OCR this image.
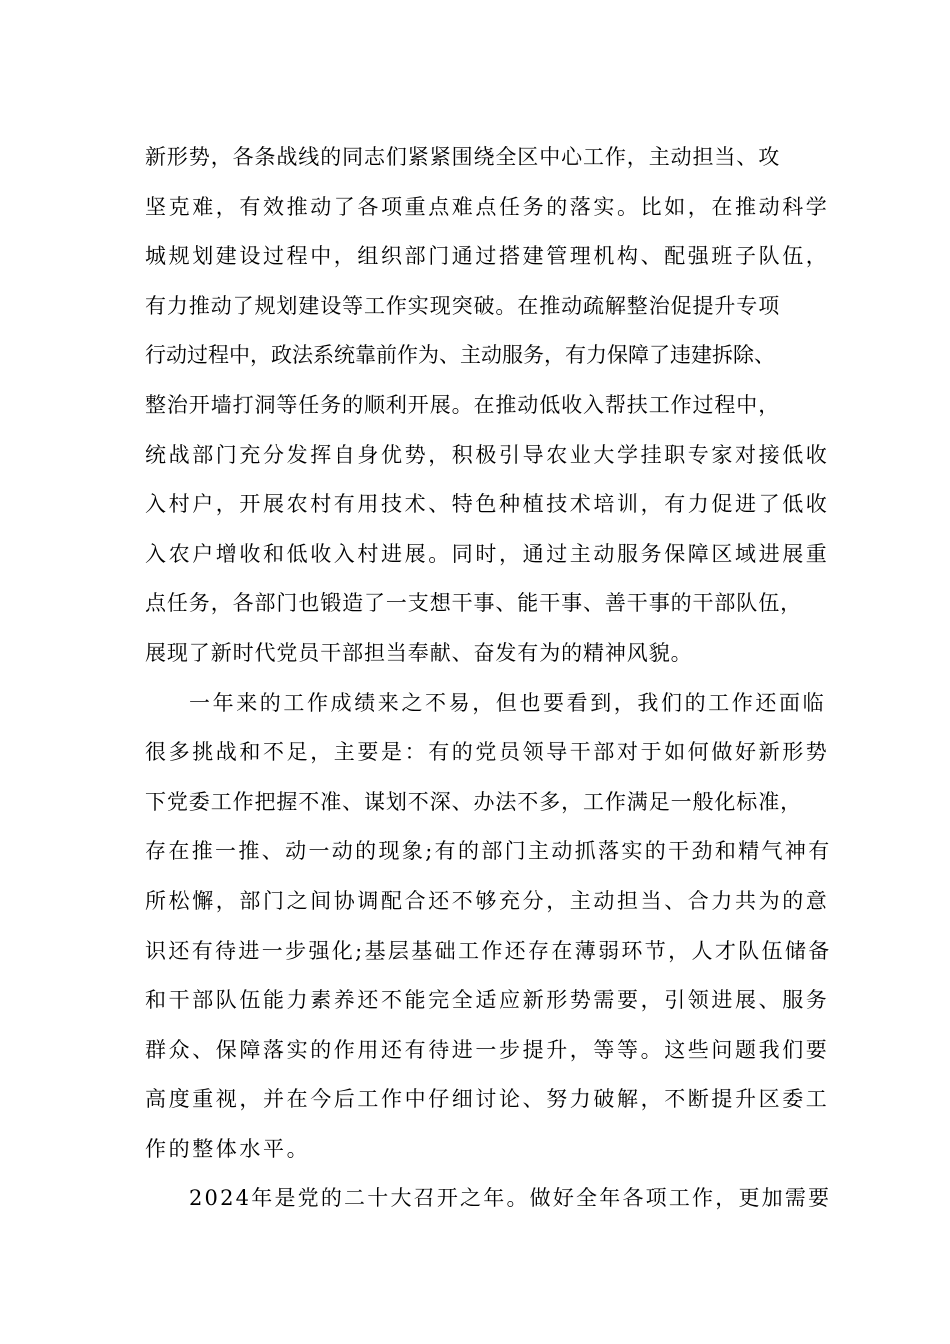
新形势，各条战线的同志们紧紧围绕全区中心工作，主动担当、攻
坚克难，有效推动了各项重点难点任务的落实。比如，在推动科学
城规划建设过程中，组织部门通过搭建管理机构、配强班子队伍，
有力推动了规划建设等工作实现突破。在推动疏解整治促提升专项
行动过程中，政法系统靠前作为、主动服务，有力保障了违建拆除、
整治开墙打洞等任务的顺利开展。在推动低收入帮扶工作过程中，
统战部门充分发挥自身优势，积极引导农业大学挂职专家对接低收
入村户，开展农村有用技术、特色种植技术培训，有力促进了低收
入农户增收和低收入村进展。同时，通过主动服务保障区域进展重
点任务，各部门也锻造了一支想干事、能干事、善干事的干部队伍，
展现了新时代党员干部担当奉献、奋发有为的精神风貌。
一年来的工作成绩来之不易，但也要看到，我们的工作还面临
很多挑战和不足，主要是：有的党员领导干部对于如何做好新形势
下党委工作把握不准、谋划不深、办法不多，工作满足一般化标准，
存在推一推、动一动的现象;有的部门主动抓落实的干劲和精气神有
所松懈，部门之间协调配合还不够充分，主动担当、合力共为的意
识还有待进一步强化;基层基础工作还存在薄弱环节，人才队伍储备
和干部队伍能力素养还不能完全适应新形势需要，引领进展、服务
群众、保障落实的作用还有待进一步提升，等等。这些问题我们要
高度重视，并在今后工作中仔细讨论、努力破解，不断提升区委工
作的整体水平。
2024年是党的二十大召开之年。做好全年各项工作，更加需要
